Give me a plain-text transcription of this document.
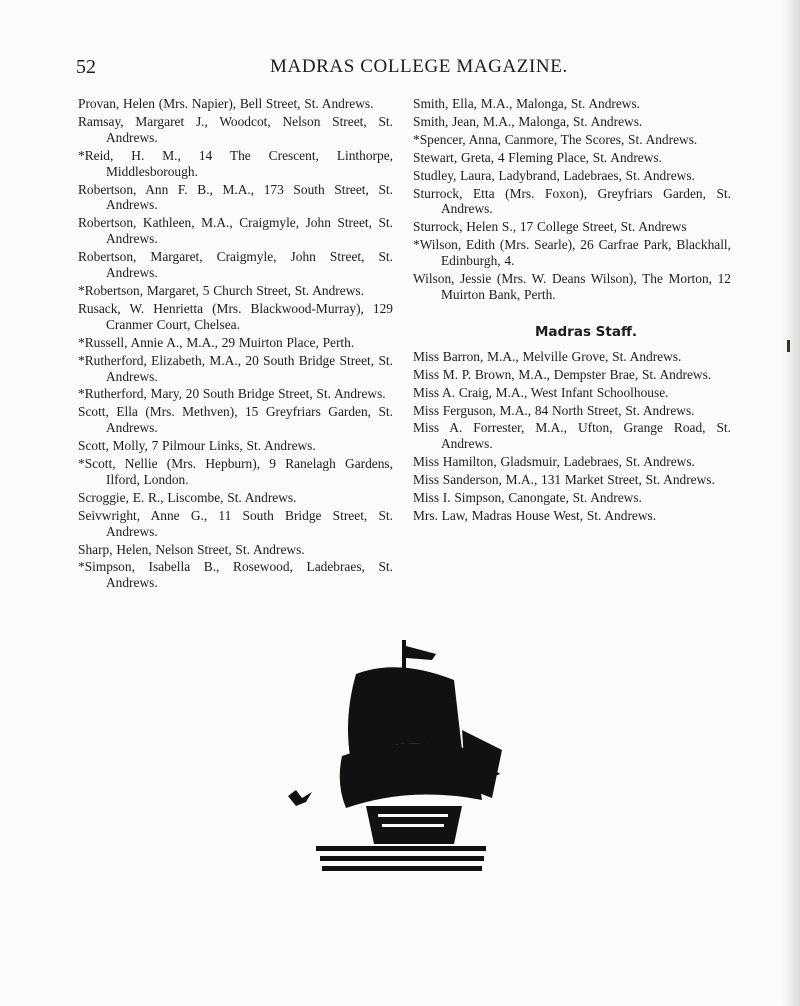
52	MADRAS COLLEGE MAGAZINE.

Provan, Helen (Mrs. Napier), Bell Street, St. Andrews.

Ramsay, Margaret J., Woodcot, Nelson Street, St. Andrews.

*Reid, H. M., 14 The Crescent, Linthorpe, Middlesborough.

Robertson, Ann F. B., M.A., 173 South Street, St. Andrews.

Robertson, Kathleen, M.A., Craigmyle, John Street, St. Andrews.

Robertson, Margaret, Craigmyle, John Street, St. Andrews.

*Robertson, Margaret, 5 Church Street, St. Andrews.

Rusack, W. Henrietta (Mrs. Blackwood-Murray), 129 Cranmer Court, Chelsea.

*Russell, Annie A., M.A., 29 Muirton Place, Perth.

*Rutherford, Elizabeth, M.A., 20 South Bridge Street, St. Andrews.

*Rutherford, Mary, 20 South Bridge Street, St. Andrews.

Scott, Ella (Mrs. Methven), 15 Greyfriars Garden, St. Andrews.

Scott, Molly, 7 Pilmour Links, St. Andrews.

*Scott, Nellie (Mrs. Hepburn), 9 Ranelagh Gardens, Ilford, London.

Scroggie, E. R., Liscombe, St. Andrews.

Seivwright, Anne G., 11 South Bridge Street, St. Andrews.

Sharp, Helen, Nelson Street, St. Andrews.

*Simpson, Isabella B., Rosewood, Ladebraes, St. Andrews.

Smith, Ella, M.A., Malonga, St. Andrews.

Smith, Jean, M.A., Malonga, St. Andrews.

*Spencer, Anna, Canmore, The Scores, St. Andrews.

Stewart, Greta, 4 Fleming Place, St. Andrews.

Studley, Laura, Ladybrand, Ladebraes, St. Andrews.

Sturrock, Etta (Mrs. Foxon), Greyfriars Garden, St. Andrews.

Sturrock, Helen S., 17 College Street, St. Andrews

*Wilson, Edith (Mrs. Searle), 26 Carfrae Park, Blackhall, Edinburgh, 4.

Wilson, Jessie (Mrs. W. Deans Wilson), The Morton, 12 Muirton Bank, Perth.

Madras Staff.

Miss Barron, M.A., Melville Grove, St. Andrews.

Miss M. P. Brown, M.A., Dempster Brae, St. Andrews.

Miss A. Craig, M.A., West Infant Schoolhouse.

Miss Ferguson, M.A., 84 North Street, St. Andrews.

Miss A. Forrester, M.A., Ufton, Grange Road, St. Andrews.

Miss Hamilton, Gladsmuir, Ladebraes, St. Andrews.

Miss Sanderson, M.A., 131 Market Street, St. Andrews.

Miss I. Simpson, Canongate, St. Andrews.

Mrs. Law, Madras House West, St. Andrews.
